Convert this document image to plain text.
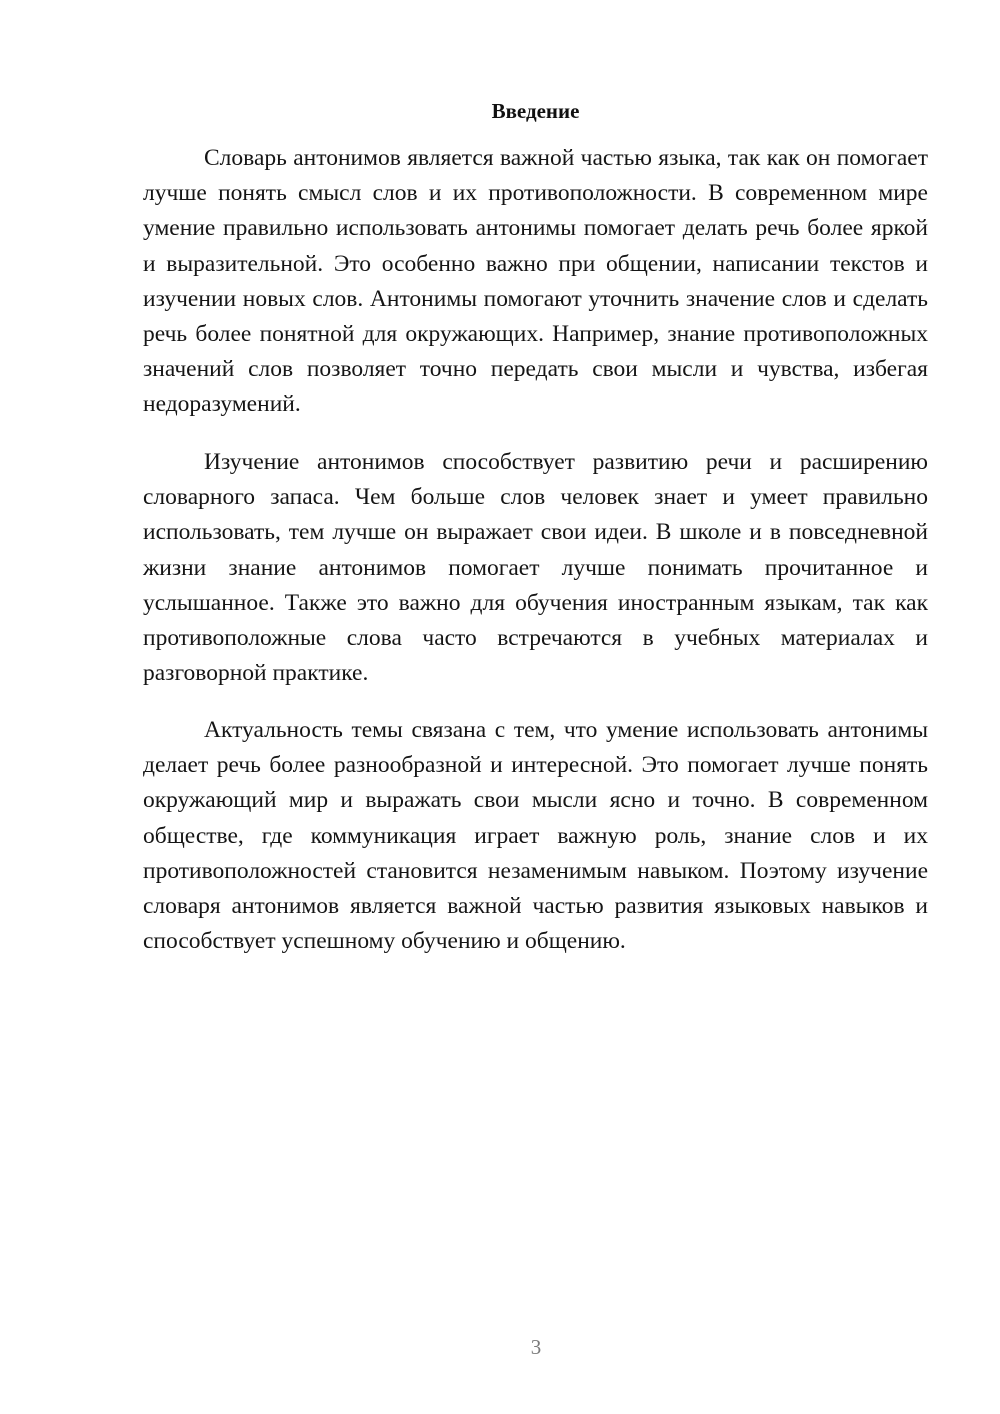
Введение

Словарь антонимов является важной частью языка, так как он помогает лучше понять смысл слов и их противоположности. В современном мире умение правильно использовать антонимы помогает делать речь более яркой и выразительной. Это особенно важно при общении, написании текстов и изучении новых слов. Антонимы помогают уточнить значение слов и сделать речь более понятной для окружающих. Например, знание противоположных значений слов позволяет точно передать свои мысли и чувства, избегая недоразумений.

Изучение антонимов способствует развитию речи и расширению словарного запаса. Чем больше слов человек знает и умеет правильно использовать, тем лучше он выражает свои идеи. В школе и в повседневной жизни знание антонимов помогает лучше понимать прочитанное и услышанное. Также это важно для обучения иностранным языкам, так как противоположные слова часто встречаются в учебных материалах и разговорной практике.

Актуальность темы связана с тем, что умение использовать антонимы делает речь более разнообразной и интересной. Это помогает лучше понять окружающий мир и выражать свои мысли ясно и точно. В современном обществе, где коммуникация играет важную роль, знание слов и их противоположностей становится незаменимым навыком. Поэтому изучение словаря антонимов является важной частью развития языковых навыков и способствует успешному обучению и общению.

3
